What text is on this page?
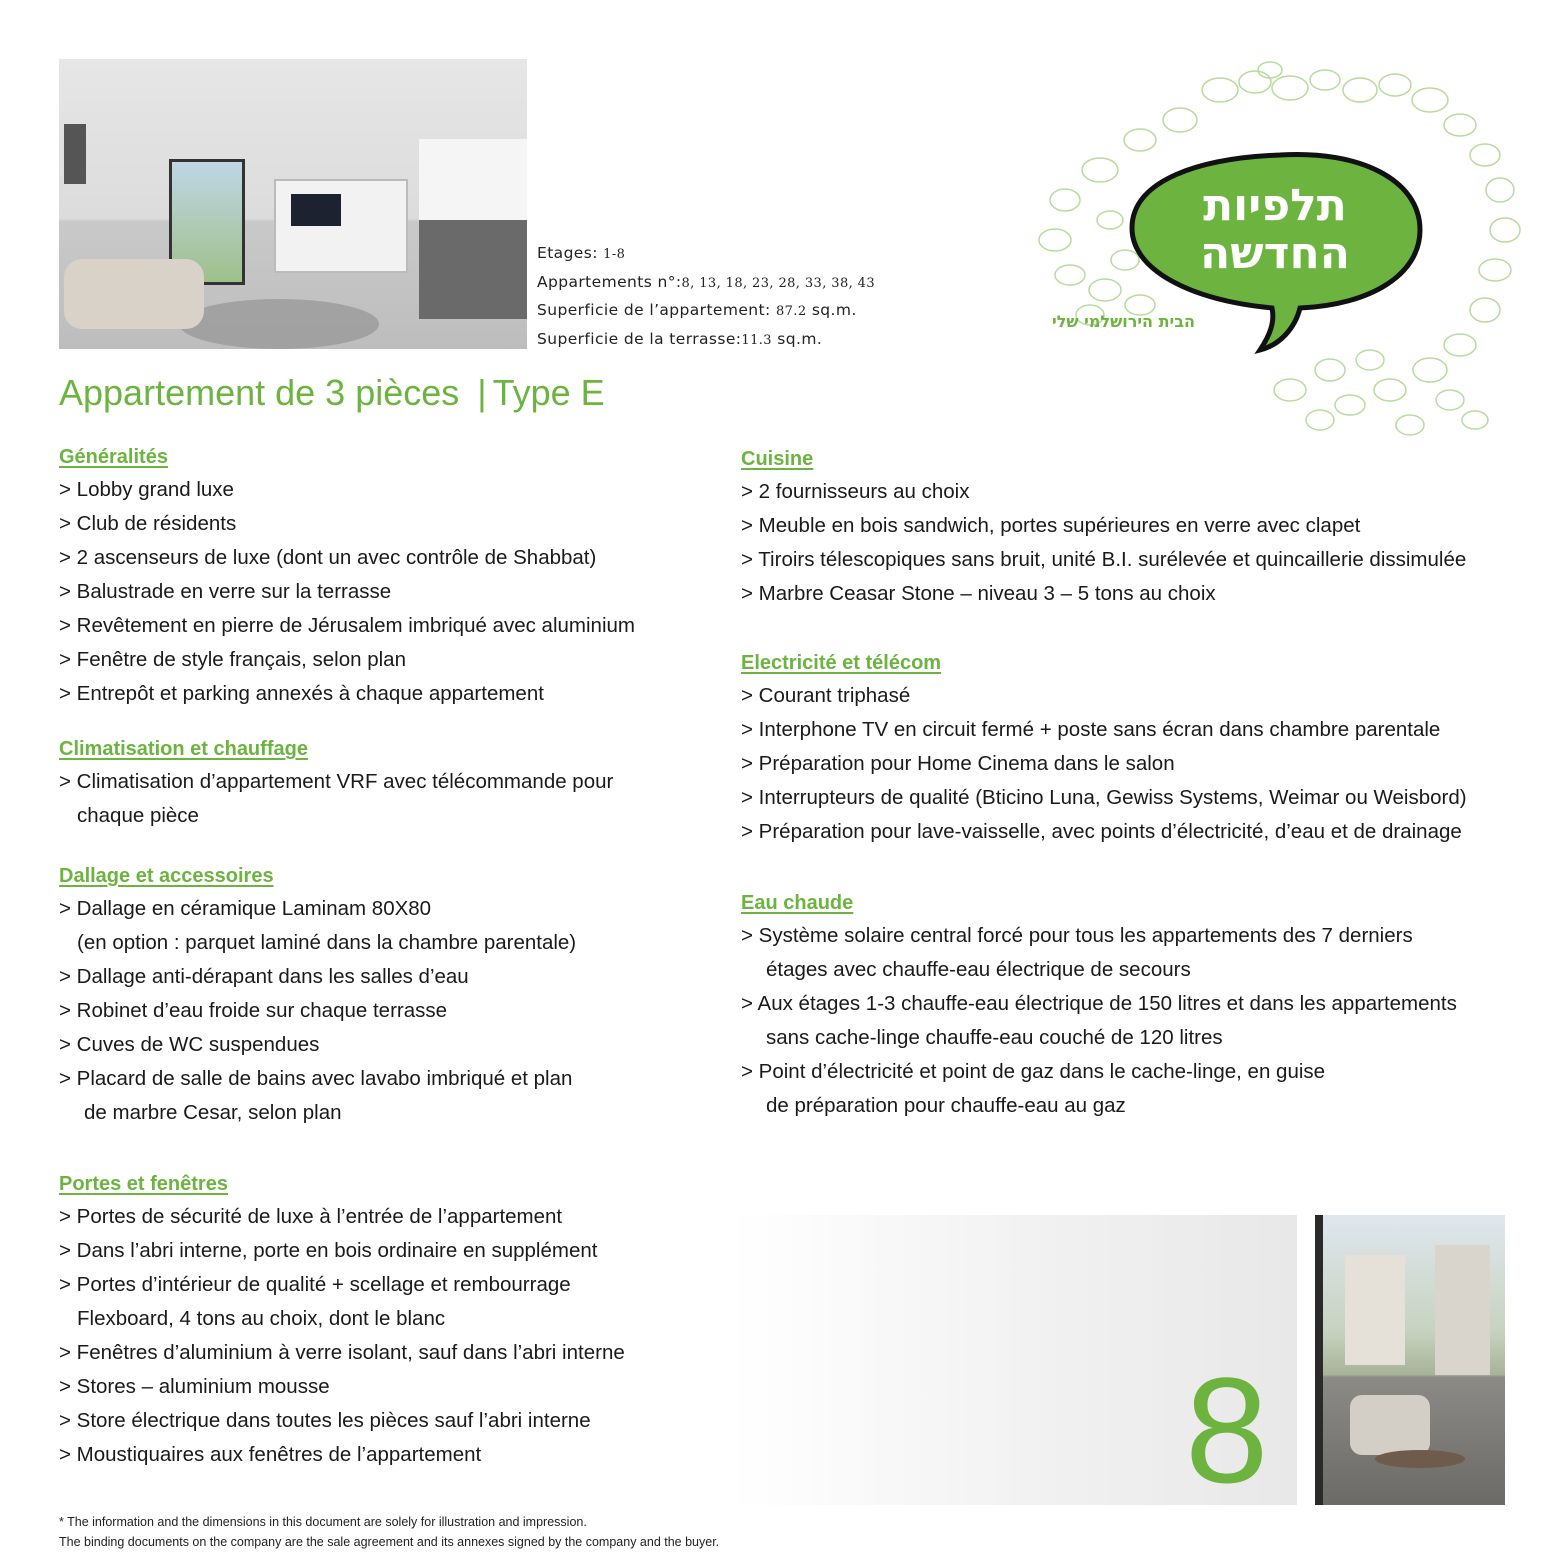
Etages: 1-8
Appartements n°:8, 13, 18, 23, 28, 33, 38, 43
Superficie de l’appartement: 87.2 sq.m.
Superficie de la terrasse:11.3 sq.m.
תלפיות
החדשה
הבית הירושלמי שלי
Appartement de 3 pièces | Type E
Généralités
> Lobby grand luxe
> Club de résidents
> 2 ascenseurs de luxe (dont un avec contrôle de Shabbat)
> Balustrade en verre sur la terrasse
> Revêtement en pierre de Jérusalem imbriqué avec aluminium
> Fenêtre de style français, selon plan
> Entrepôt et parking annexés à chaque appartement
Climatisation et chauffage
> Climatisation d’appartement VRF avec télécommande pour
chaque pièce
Dallage et accessoires
> Dallage en céramique Laminam 80X80
(en option : parquet laminé dans la chambre parentale)
> Dallage anti-dérapant dans les salles d’eau
> Robinet d’eau froide sur chaque terrasse
> Cuves de WC suspendues
> Placard de salle de bains avec lavabo imbriqué et plan
de marbre Cesar, selon plan
Portes et fenêtres
> Portes de sécurité de luxe à l’entrée de l’appartement
> Dans l’abri interne, porte en bois ordinaire en supplément
> Portes d’intérieur de qualité + scellage et rembourrage
Flexboard, 4 tons au choix, dont le blanc
> Fenêtres d’aluminium à verre isolant, sauf dans l’abri interne
> Stores – aluminium mousse
> Store électrique dans toutes les pièces sauf l’abri interne
> Moustiquaires aux fenêtres de l’appartement
Cuisine
> 2 fournisseurs au choix
> Meuble en bois sandwich, portes supérieures en verre avec clapet
> Tiroirs télescopiques sans bruit, unité B.I. surélevée et quincaillerie dissimulée
> Marbre Ceasar Stone – niveau 3 – 5 tons au choix
Electricité et télécom
> Courant triphasé
> Interphone TV en circuit fermé + poste sans écran dans chambre parentale
> Préparation pour Home Cinema dans le salon
> Interrupteurs de qualité (Bticino Luna, Gewiss Systems, Weimar ou Weisbord)
> Préparation pour lave-vaisselle, avec points d’électricité, d’eau et de drainage
Eau chaude
> Système solaire central forcé pour tous les appartements des 7 derniers
étages avec chauffe-eau électrique de secours
> Aux étages 1-3 chauffe-eau électrique de 150 litres et dans les appartements
sans cache-linge chauffe-eau couché de 120 litres
> Point d’électricité et point de gaz dans le cache-linge, en guise
de préparation pour chauffe-eau au gaz
8
* The information and the dimensions in this document are solely for illustration and impression.
The binding documents on the company are the sale agreement and its annexes signed by the company and the buyer.
